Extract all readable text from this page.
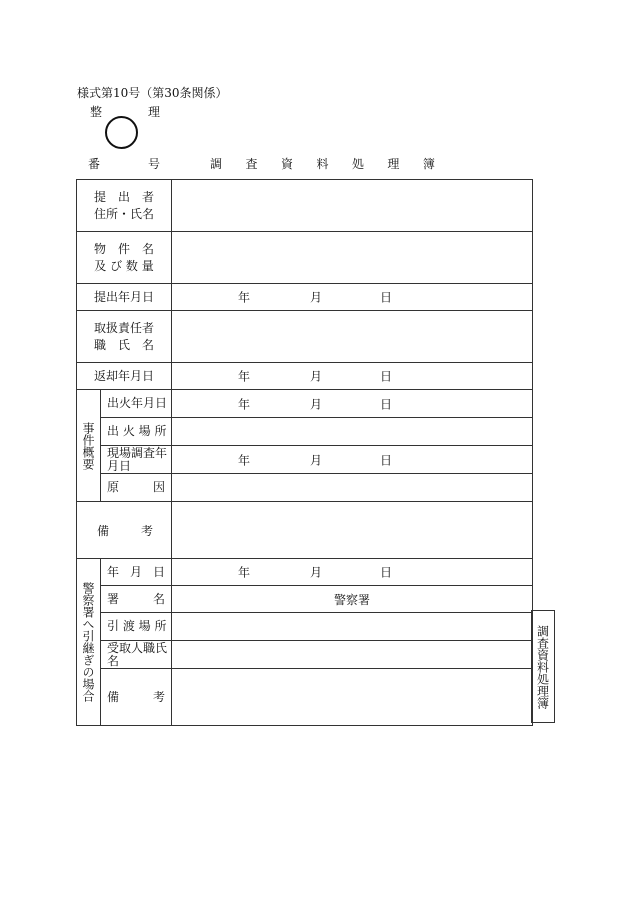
様式第10号（第30条関係）
整	理
番	号	調 査 資 料 処 理 簿
提　出　者
住所・氏名		

物　件　名
及 び 数 量		

提出年月日		年 月 日

取扱責任者
職　氏　名		

返却年月日		年 月 日

事件概要	出火年月日	年 月 日

	出 火 場 所	
	現場調査年月日	年 月 日

	原 因	

備 考		

警察署へ引継ぎの場合	年 月 日	年 月 日

	署 名	警察署
	引 渡 場 所	
	受取人職氏名	

	備 考	
		調査資料処理簿
